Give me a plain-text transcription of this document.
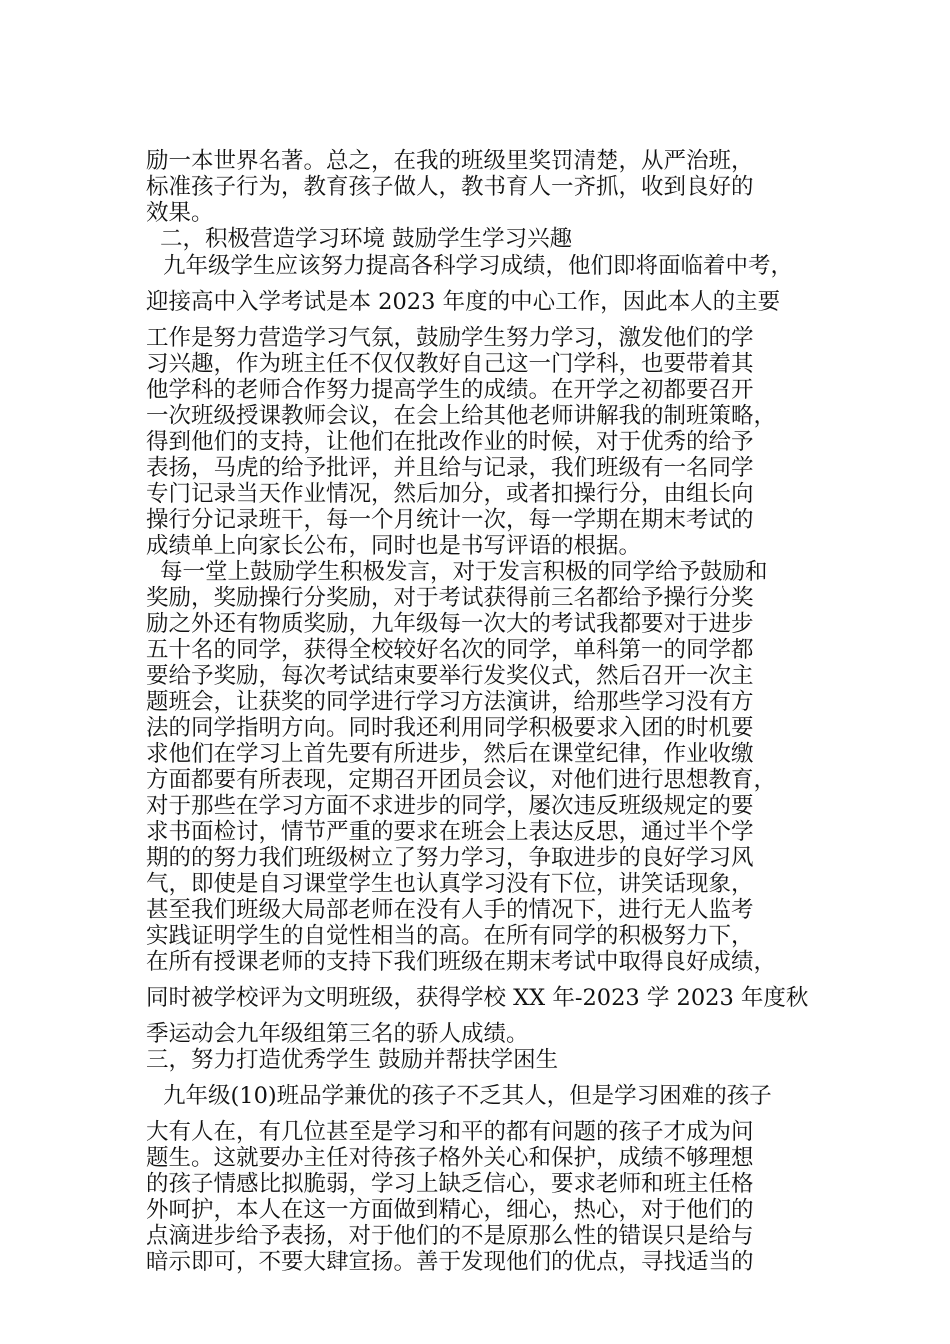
励一本世界名著。总之，在我的班级里奖罚清楚，从严治班，
标准孩子行为，教育孩子做人，教书育人一齐抓，收到良好的
效果。
二，积极营造学习环境 鼓励学生学习兴趣
九年级学生应该努力提高各科学习成绩，他们即将面临着中考，
迎接高中入学考试是本 2023 年度的中心工作，因此本人的主要
工作是努力营造学习气氛，鼓励学生努力学习，激发他们的学
习兴趣，作为班主任不仅仅教好自己这一门学科，也要带着其
他学科的老师合作努力提高学生的成绩。在开学之初都要召开
一次班级授课教师会议，在会上给其他老师讲解我的制班策略，
得到他们的支持，让他们在批改作业的时候，对于优秀的给予
表扬，马虎的给予批评，并且给与记录，我们班级有一名同学
专门记录当天作业情况，然后加分，或者扣操行分，由组长向
操行分记录班干，每一个月统计一次，每一学期在期末考试的
成绩单上向家长公布，同时也是书写评语的根据。
每一堂上鼓励学生积极发言，对于发言积极的同学给予鼓励和
奖励，奖励操行分奖励，对于考试获得前三名都给予操行分奖
励之外还有物质奖励，九年级每一次大的考试我都要对于进步
五十名的同学，获得全校较好名次的同学，单科第一的同学都
要给予奖励，每次考试结束要举行发奖仪式，然后召开一次主
题班会，让获奖的同学进行学习方法演讲，给那些学习没有方
法的同学指明方向。同时我还利用同学积极要求入团的时机要
求他们在学习上首先要有所进步，然后在课堂纪律，作业收缴
方面都要有所表现，定期召开团员会议，对他们进行思想教育，
对于那些在学习方面不求进步的同学，屡次违反班级规定的要
求书面检讨，情节严重的要求在班会上表达反思，通过半个学
期的的努力我们班级树立了努力学习，争取进步的良好学习风
气，即使是自习课堂学生也认真学习没有下位，讲笑话现象，
甚至我们班级大局部老师在没有人手的情况下，进行无人监考
实践证明学生的自觉性相当的高。在所有同学的积极努力下，
在所有授课老师的支持下我们班级在期末考试中取得良好成绩，
同时被学校评为文明班级，获得学校 XX 年-2023 学 2023 年度秋
季运动会九年级组第三名的骄人成绩。
三，努力打造优秀学生 鼓励并帮扶学困生
九年级(10)班品学兼优的孩子不乏其人，但是学习困难的孩子
大有人在，有几位甚至是学习和平的都有问题的孩子才成为问
题生。这就要办主任对待孩子格外关心和保护，成绩不够理想
的孩子情感比拟脆弱，学习上缺乏信心，要求老师和班主任格
外呵护，本人在这一方面做到精心，细心，热心，对于他们的
点滴进步给予表扬，对于他们的不是原那么性的错误只是给与
暗示即可，不要大肆宣扬。善于发现他们的优点，寻找适当的
